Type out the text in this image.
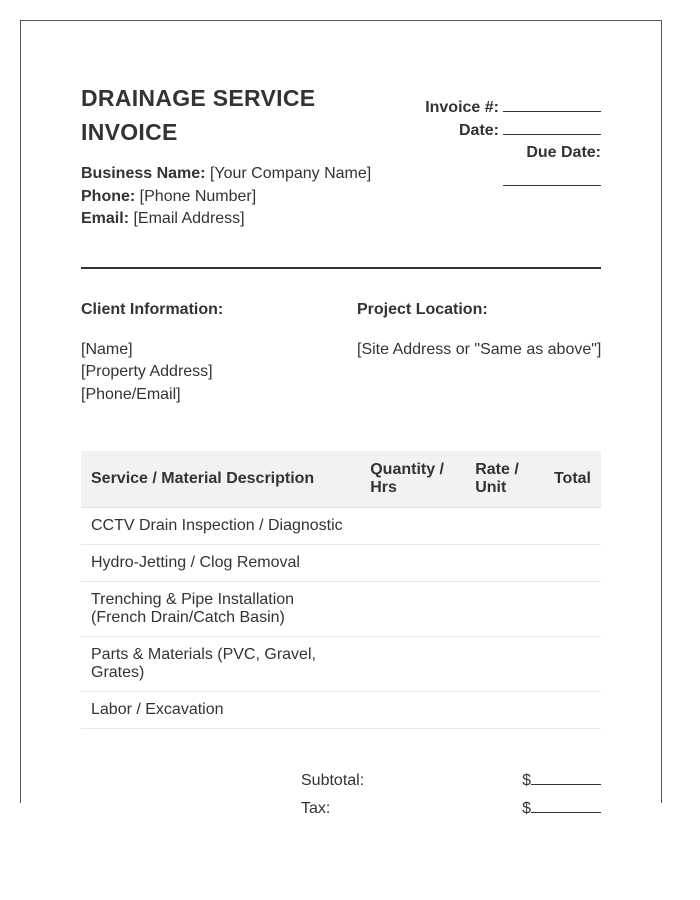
DRAINAGE SERVICE
INVOICE
Invoice #:
Date:
Due Date:
Business Name: [Your Company Name]
Phone: [Phone Number]
Email: [Email Address]
Client Information:
[Name]
[Property Address]
[Phone/Email]
Project Location:
[Site Address or "Same as above"]
Service / Material Description	Quantity / Hrs	Rate / Unit	Total
CCTV Drain Inspection / Diagnostic			
Hydro-Jetting / Clog Removal			
Trenching & Pipe Installation (French Drain/Catch Basin)			
Parts & Materials (PVC, Gravel, Grates)			
Labor / Excavation			
Subtotal:	$
Tax:	$
